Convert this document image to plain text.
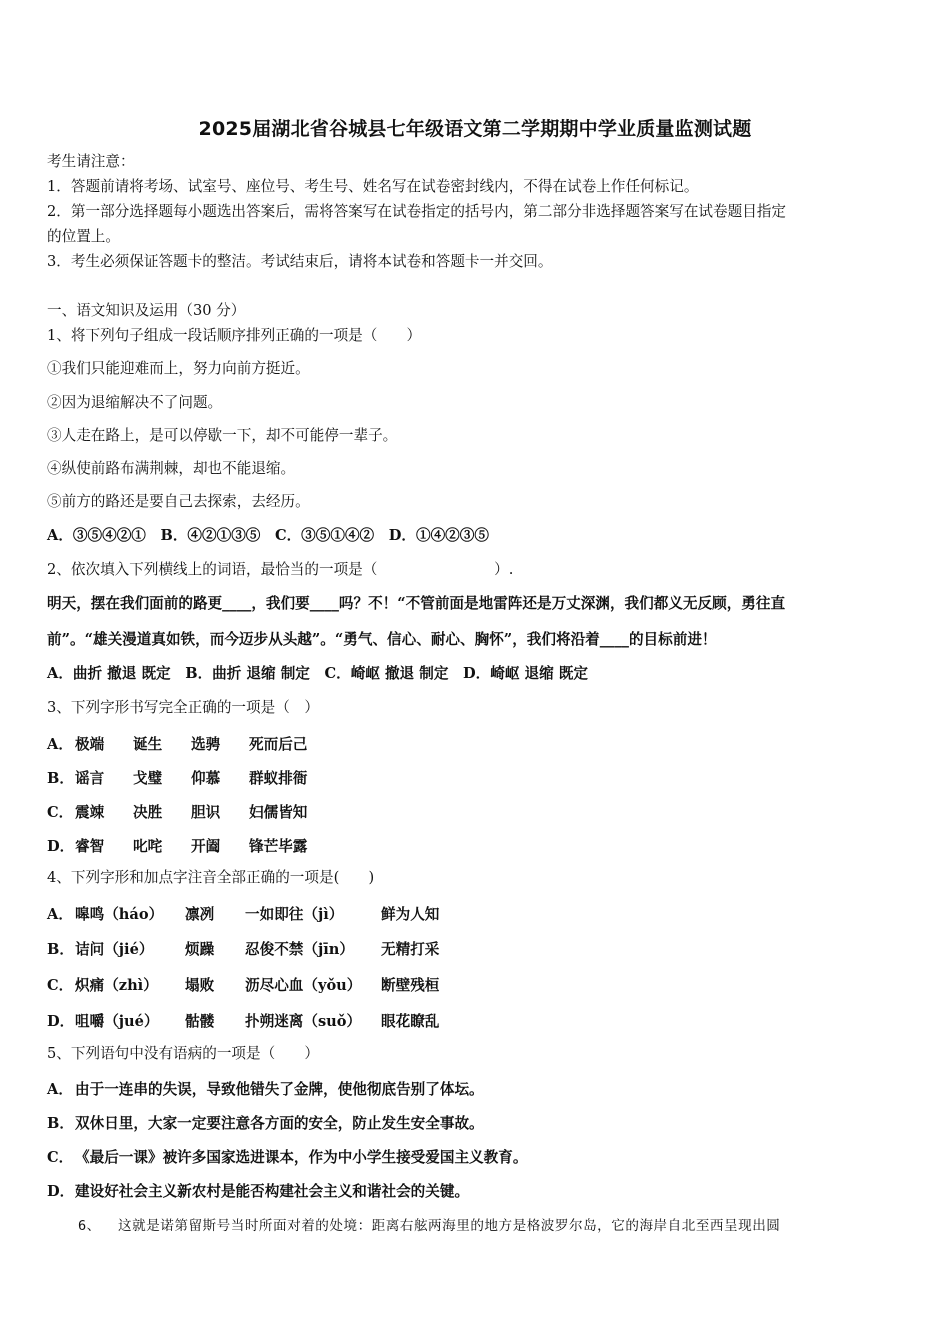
2025届湖北省谷城县七年级语文第二学期期中学业质量监测试题
考生请注意：
1．答题前请将考场、试室号、座位号、考生号、姓名写在试卷密封线内，不得在试卷上作任何标记。
2．第一部分选择题每小题选出答案后，需将答案写在试卷指定的括号内，第二部分非选择题答案写在试卷题目指定
的位置上。
3．考生必须保证答题卡的整洁。考试结束后，请将本试卷和答题卡一并交回。
一、语文知识及运用（30 分）
1、将下列句子组成一段话顺序排列正确的一项是（　　）
①我们只能迎难而上，努力向前方挺近。
②因为退缩解决不了问题。
③人走在路上，是可以停歇一下，却不可能停一辈子。
④纵使前路布满荆棘，却也不能退缩。
⑤前方的路还是要自己去探索，去经历。
A．③⑤④②①　B．④②①③⑤　C．③⑤①④②　D．①④②③⑤
2、依次填入下列横线上的词语，最恰当的一项是（　　　　　　　　）.
明天，摆在我们面前的路更____，我们要____吗？不！“不管前面是地雷阵还是万丈深渊，我们都义无反顾，勇往直
前”。“雄关漫道真如铁，而今迈步从头越”。“勇气、信心、耐心、胸怀”，我们将沿着____的目标前进！
A．曲折 撤退 既定　B．曲折 退缩 制定　C．崎岖 撤退 制定　D．崎岖 退缩 既定
3、下列字形书写完全正确的一项是（　）
A． 极端 诞生 选骋 死而后己
B．谣言 戈璧 仰慕 群蚁排衙
C． 震竦 决胜 胆识 妇儒皆知
D．睿智 叱咤 开阖 锋芒毕露
4、下列字形和加点字注音全部正确的一项是(　　)
A． 嗥鸣（háo） 凛冽 一如即往（jì）	鲜为人知
B．诘问（jié） 烦躁 忍俊不禁（jīn） 无精打采
C． 炽痛（zhì） 塌败 沥尽心血（yǒu） 断壁残桓
D．咀嚼（jué） 骷髅 扑朔迷离（suǒ） 眼花瞭乱
5、下列语句中没有语病的一项是（　　）
A． 由于一连串的失误，导致他错失了金牌，使他彻底告别了体坛。
B．双休日里，大家一定要注意各方面的安全，防止发生安全事故。
C． 《最后一课》被许多国家选进课本，作为中小学生接受爱国主义教育。
D．建设好社会主义新农村是能否构建社会主义和谐社会的关键。
6、 这就是诺第留斯号当时所面对着的处境：距离右舷两海里的地方是格波罗尔岛，它的海岸自北至西呈现出圆
